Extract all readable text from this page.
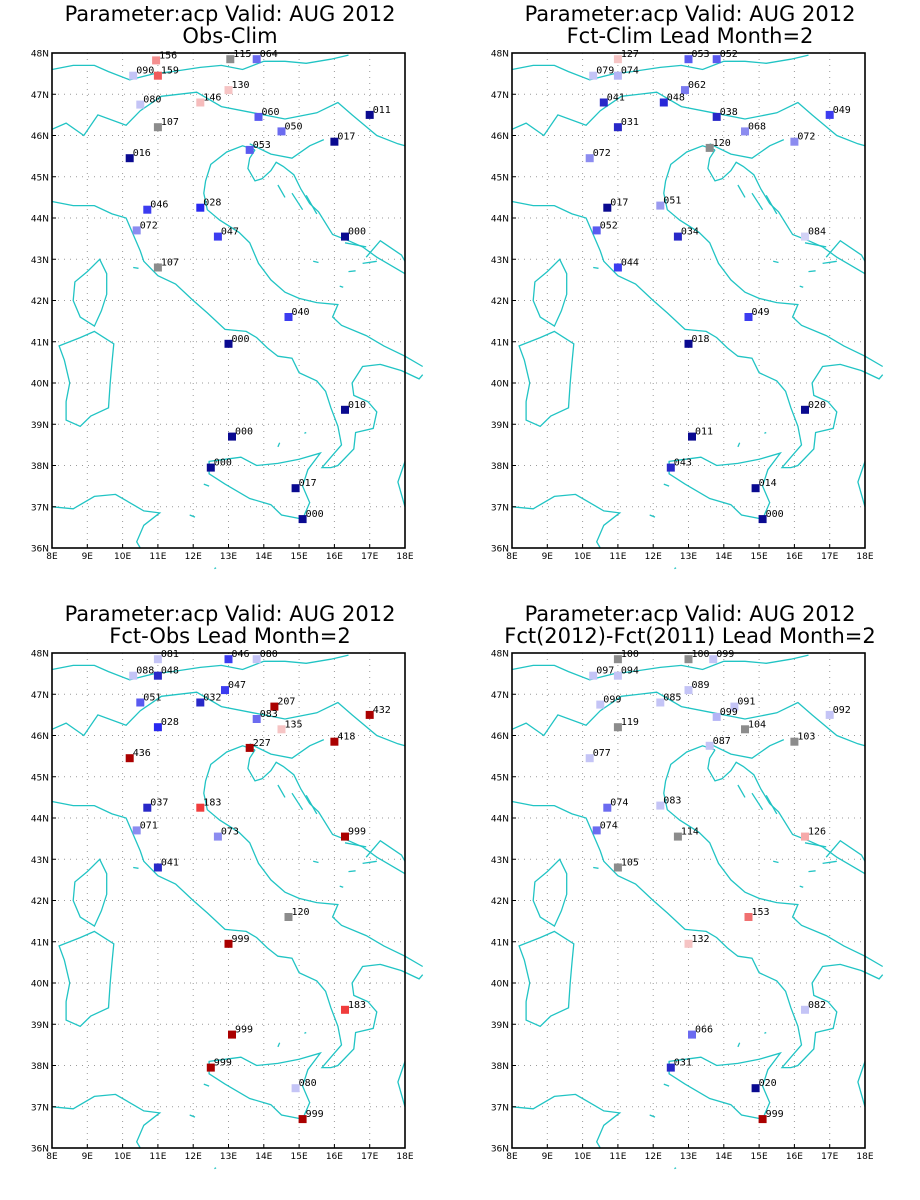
Parameter:acp Valid: AUG 2012
Obs-Clim
36N
37N
38N
39N
40N
41N
42N
43N
44N
45N
46N
47N
48N
8E	9E 10E 11E 12E 13E 14E 15E 16E 17E 18E
156	115 064
090 159
130
080	146
060	011
107	050
017
053
016
046	028
072
047	000
107
040
000
010
000
000
017
000
Parameter:acp Valid: AUG 2012
Fct-Clim Lead Month=2
36N
37N
38N
39N
40N
41N
42N
43N
44N
45N
46N
47N
48N
8E	9E 10E 11E 12E 13E 14E 15E 16E 17E 18E
127	053 052
079 074
062
041	048
038	049
031	068
072
120
072
017	051
052
034	084
044
049
018
020
011
043
014
000
Parameter:acp Valid: AUG 2012
Fct-Obs Lead Month=2
36N
37N
38N
39N
40N
41N
42N
43N
44N
45N
46N
47N
48N
8E	9E 10E 11E 12E 13E 14E 15E 16E 17E 18E
081	046 080
088 048
047
051	032	207
432
083
028	135
418
227
436
037	183
071
073	999
041
120
999
183
999
999
080
999
Parameter:acp Valid: AUG 2012
Fct(2012)-Fct(2011) Lead Month=2
36N
37N
38N
39N
40N
41N
42N
43N
44N
45N
46N
47N
48N
8E	9E 10E 11E 12E 13E 14E 15E 16E 17E 18E
100	100 099
097 094
089
099	085	091
092
099
119	104
103
087
077
074	083
074
114	126
105
153
132
082
066
031
020
999
